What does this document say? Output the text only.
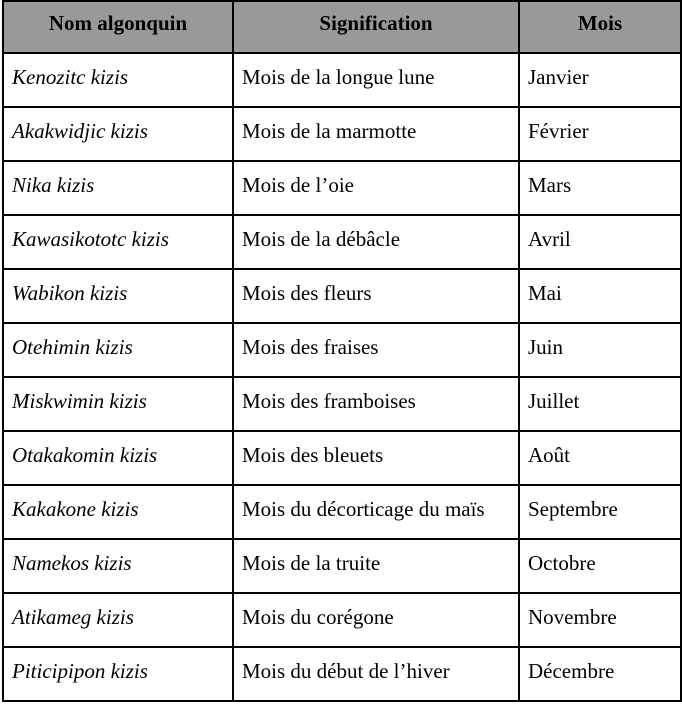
Nom algonquin	Signification	Mois
Kenozitc kizis	Mois de la longue lune	Janvier
Akakwidjic kizis	Mois de la marmotte	Février
Nika kizis	Mois de l’oie	Mars
Kawasikototc kizis	Mois de la débâcle	Avril
Wabikon kizis	Mois des fleurs	Mai
Otehimin kizis	Mois des fraises	Juin
Miskwimin kizis	Mois des framboises	Juillet
Otakakomin kizis	Mois des bleuets	Août
Kakakone kizis	Mois du décorticage du maïs	Septembre
Namekos kizis	Mois de la truite	Octobre
Atikameg kizis	Mois du corégone	Novembre
Piticipipon kizis	Mois du début de l’hiver	Décembre
